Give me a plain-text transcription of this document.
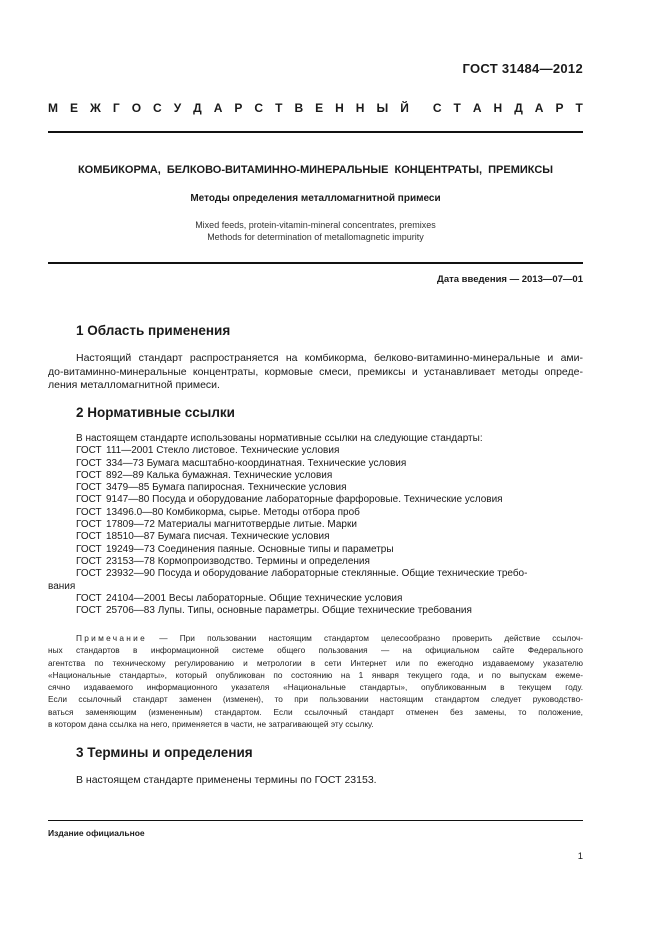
ГОСТ 31484—2012
М Е Ж Г О С У Д А Р С Т В Е Н Н Ы Й С Т А Н Д А Р Т
КОМБИКОРМА, БЕЛКОВО-ВИТАМИННО-МИНЕРАЛЬНЫЕ КОНЦЕНТРАТЫ, ПРЕМИКСЫ
Методы определения металломагнитной примеси
Mixed feeds, protein-vitamin-mineral concentrates, premixes
Methods for determination of metallomagnetic impurity
Дата введения — 2013—07—01
1 Область применения
Настоящий стандарт распространяется на комбикорма, белково-витаминно-минеральные и ами-
до-витаминно-минеральные концентраты, кормовые смеси, премиксы и устанавливает методы опреде-
ления металломагнитной примеси.
2 Нормативные ссылки
В настоящем стандарте использованы нормативные ссылки на следующие стандарты:
ГОСТ 111—2001 Стекло листовое. Технические условия
ГОСТ 334—73 Бумага масштабно-координатная. Технические условия
ГОСТ 892—89 Калька бумажная. Технические условия
ГОСТ 3479—85 Бумага папиросная. Технические условия
ГОСТ 9147—80 Посуда и оборудование лабораторные фарфоровые. Технические условия
ГОСТ 13496.0—80 Комбикорма, сырье. Методы отбора проб
ГОСТ 17809—72 Материалы магнитотвердые литые. Марки
ГОСТ 18510—87 Бумага писчая. Технические условия
ГОСТ 19249—73 Соединения паяные. Основные типы и параметры
ГОСТ 23153—78 Кормопроизводство. Термины и определения
ГОСТ 23932—90 Посуда и оборудование лабораторные стеклянные. Общие технические требо-
вания
ГОСТ 24104—2001 Весы лабораторные. Общие технические условия
ГОСТ 25706—83 Лупы. Типы, основные параметры. Общие технические требования
Примечание — При пользовании настоящим стандартом целесообразно проверить действие ссылоч-
ных стандартов в информационной системе общего пользования — на официальном сайте Федерального
агентства по техническому регулированию и метрологии в сети Интернет или по ежегодно издаваемому указателю
«Национальные стандарты», который опубликован по состоянию на 1 января текущего года, и по выпускам ежеме-
сячно издаваемого информационного указателя «Национальные стандарты», опубликованным в текущем году.
Если ссылочный стандарт заменен (изменен), то при пользовании настоящим стандартом следует руководство-
ваться заменяющим (измененным) стандартом. Если ссылочный стандарт отменен без замены, то положение,
в котором дана ссылка на него, применяется в части, не затрагивающей эту ссылку.
3 Термины и определения
В настоящем стандарте применены термины по ГОСТ 23153.
Издание официальное
1
